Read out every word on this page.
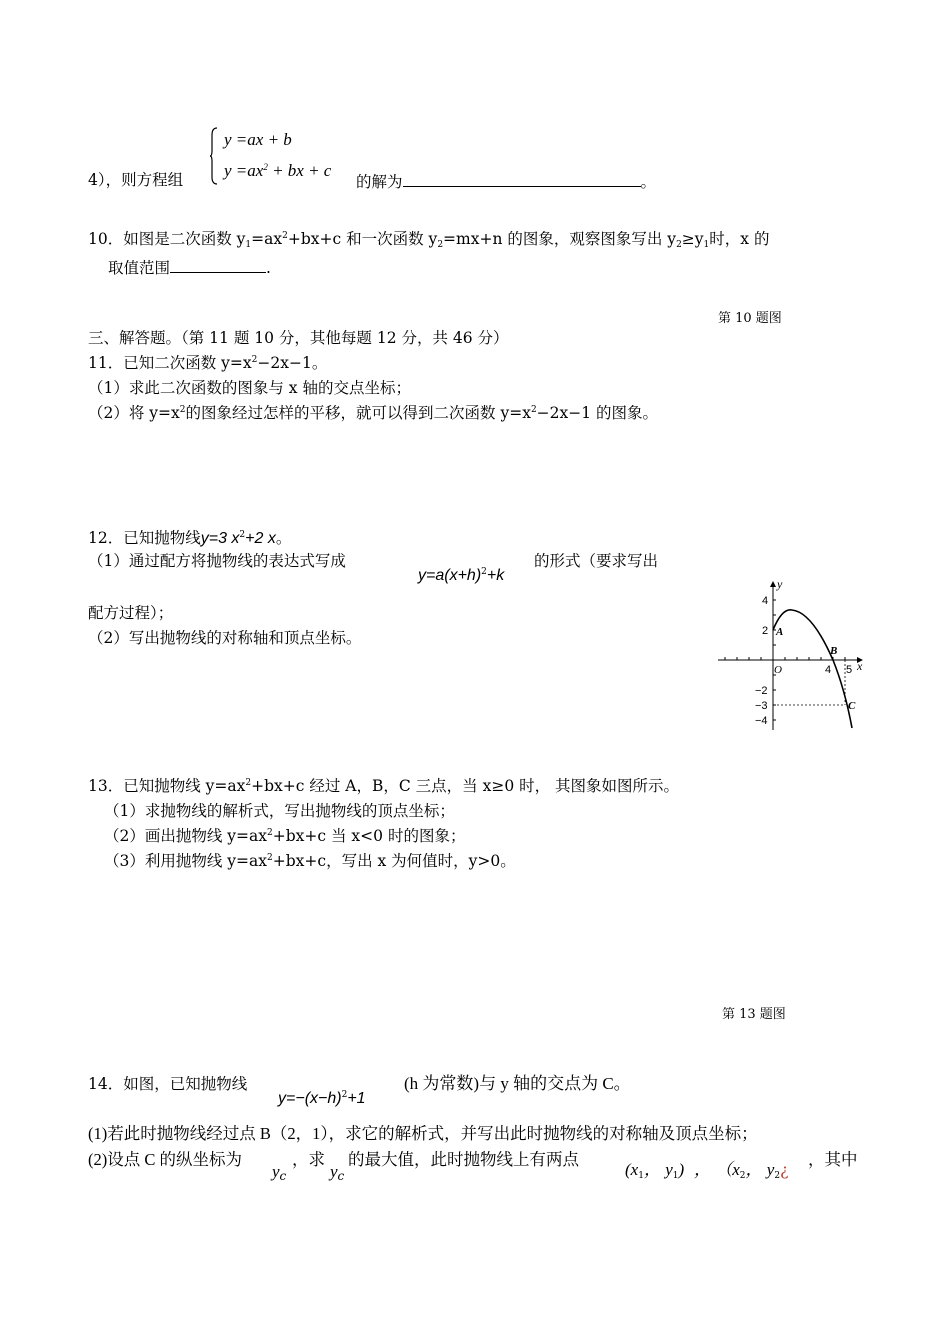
y =ax + b
$y =ax^2$ + bx + c
4），则方程组	的解为	。
10．如图是二次函数 $y_1=ax^2+bx+c$ 和一次函数 $y_2=mx+n$ 的图象，观察图象写出 $y_2\ge y_1$时，x 的
取值范围	.
第 10 题图
三、解答题。（第 11 题 10 分，其他每题 12 分，共 46 分）
11．已知二次函数 $y=x^2-2x-1$。
（1）求此二次函数的图象与 x 轴的交点坐标；
（2）将 $y=x^2$的图象经过怎样的平移，就可以得到二次函数 $y=x^2-2x-1$ 的图象。
12．已知抛物线y=3 $x^2+2$ x。
（1）通过配方将抛物线的表达式写成
$y=a(x+h)^2+k$
的形式（要求写出
配方过程）；
（2）写出抛物线的对称轴和顶点坐标。
y
x
O
4
2
−2
−3
−4
4 5
A
B
C
13．已知抛物线 $y=ax^2+bx+c$ 经过 A，B，C 三点，当 x≥0 时， 其图象如图所示。
（1）求抛物线的解析式，写出抛物线的顶点坐标；
（2）画出抛物线 $y=ax^2+bx+c$ 当 x<0 时的图象；
（3）利用抛物线 $y=ax^2+bx+c$，写出 x 为何值时，y>0。
第 13 题图
14．如图，已知抛物线
$y=-(x-h)^2+1$
(h 为常数)与 y 轴的交点为 C。
(1)若此时抛物线经过点 B（2，1），求它的解析式，并写出此时抛物线的对称轴及顶点坐标；
(2)设点 C 的纵坐标为
$y_c$
，求
$y_c$
的最大值，此时抛物线上有两点
($x_1$， $y_1$) ， （$x_2$， $y_2¿$
，其中
